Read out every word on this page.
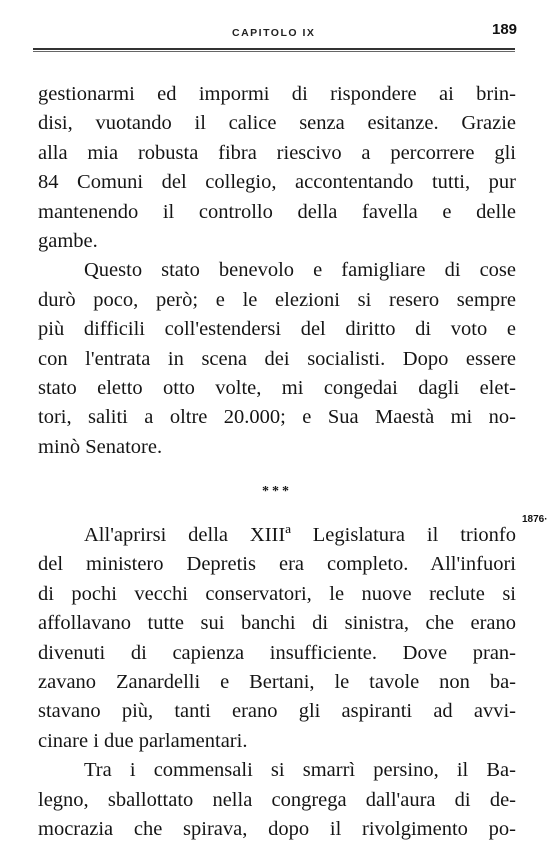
CAPITOLO IX	189
gestionarmi ed impormi di rispondere ai brin-
disi, vuotando il calice senza esitanze. Grazie
alla mia robusta fibra riescivo a percorrere gli
84 Comuni del collegio, accontentando tutti, pur
mantenendo il controllo della favella e delle
gambe.
Questo stato benevolo e famigliare di cose
durò poco, però; e le elezioni si resero sempre
più difficili coll'estendersi del diritto di voto e
con l'entrata in scena dei socialisti. Dopo essere
stato eletto otto volte, mi congedai dagli elet-
tori, saliti a oltre 20.000; e Sua Maestà mi no-
minò Senatore.
***
All'aprirsi della XIIIª Legislatura il trionfo
del ministero Depretis era completo. All'infuori
di pochi vecchi conservatori, le nuove reclute si
affollavano tutte sui banchi di sinistra, che erano
divenuti di capienza insufficiente. Dove pran-
zavano Zanardelli e Bertani, le tavole non ba-
stavano più, tanti erano gli aspiranti ad avvi-
cinare i due parlamentari.
Tra i commensali si smarrì persino, il Ba-
legno, sballottato nella congrega dall'aura di de-
mocrazia che spirava, dopo il rivolgimento po-
1876·
